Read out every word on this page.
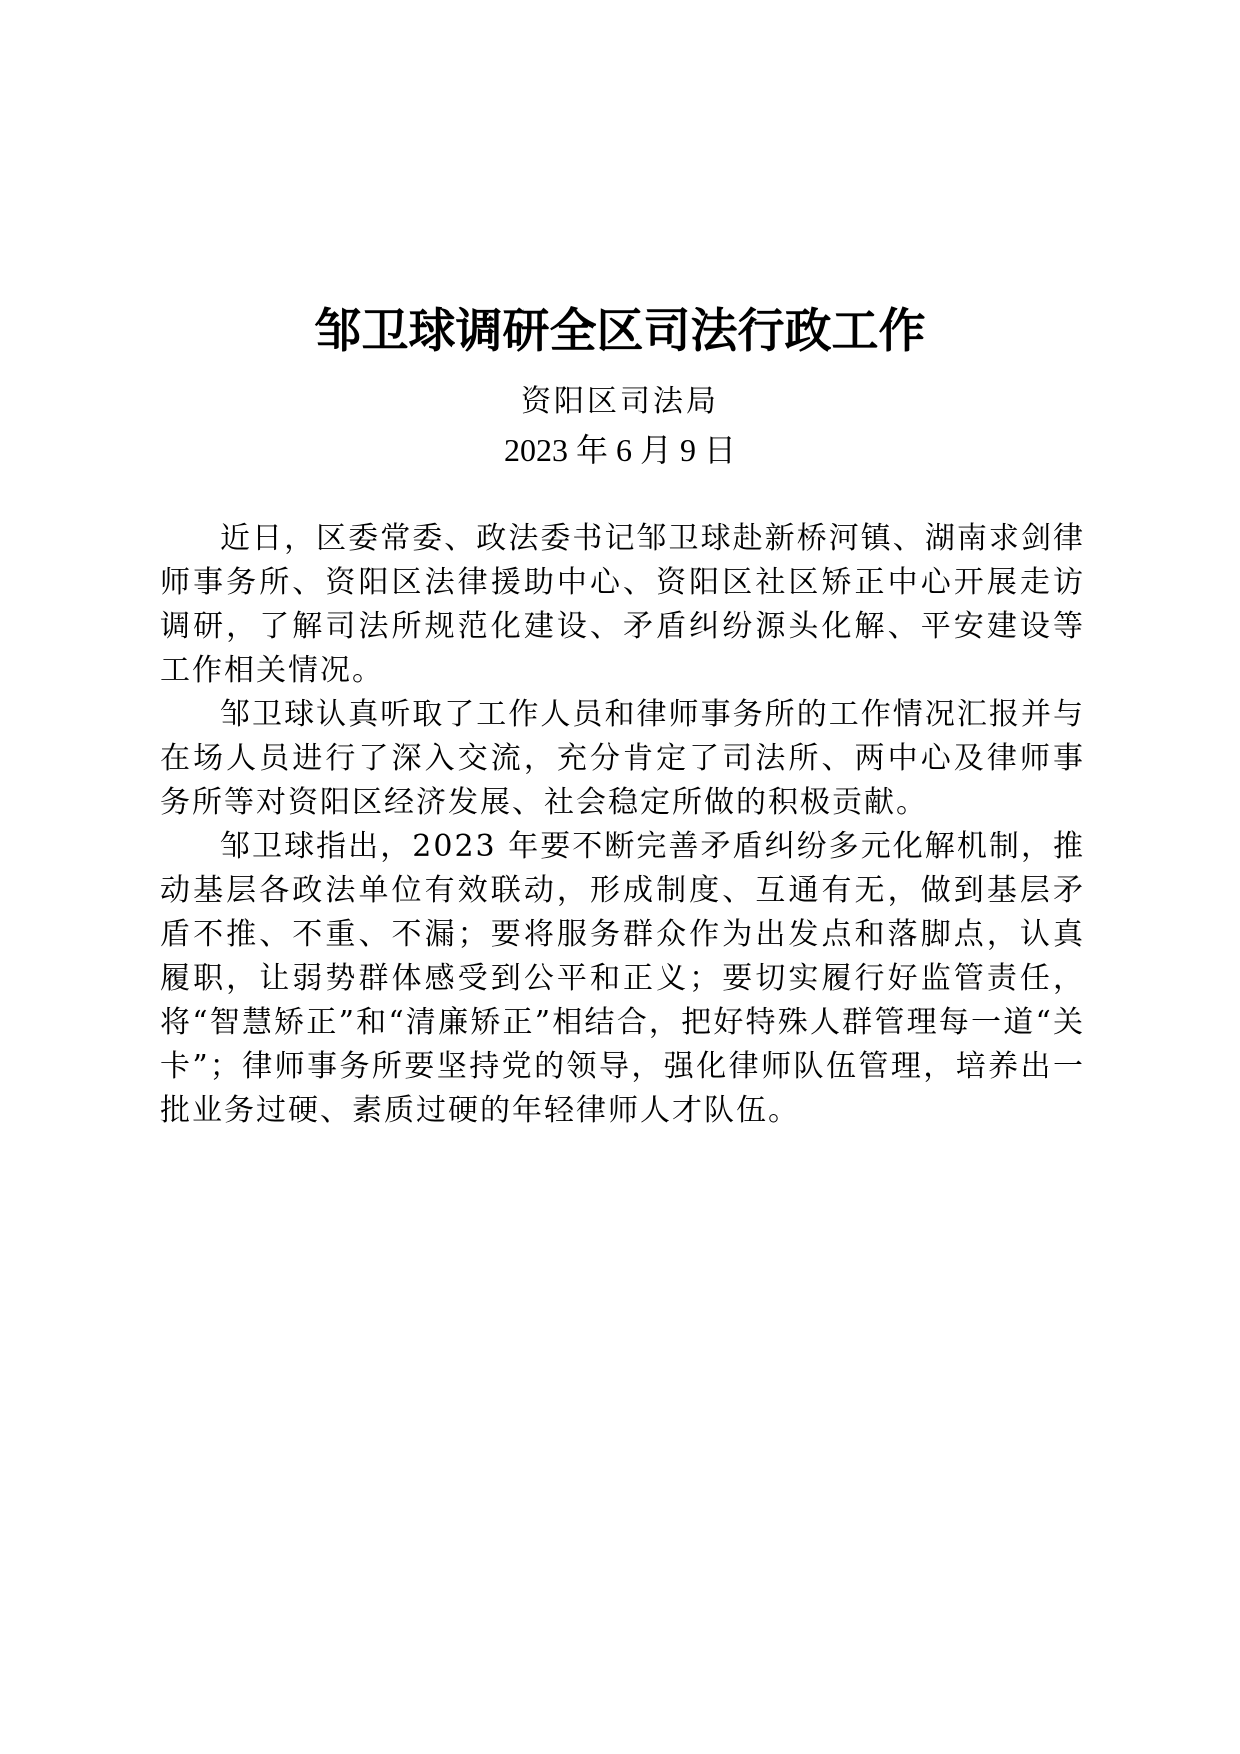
邹卫球调研全区司法行政工作
资阳区司法局
2023 年 6 月 9 日

近日，区委常委、政法委书记邹卫球赴新桥河镇、湖南求剑律师事务所、资阳区法律援助中心、资阳区社区矫正中心开展走访调研，了解司法所规范化建设、矛盾纠纷源头化解、平安建设等工作相关情况。

邹卫球认真听取了工作人员和律师事务所的工作情况汇报并与在场人员进行了深入交流，充分肯定了司法所、两中心及律师事务所等对资阳区经济发展、社会稳定所做的积极贡献。

邹卫球指出，2023 年要不断完善矛盾纠纷多元化解机制，推动基层各政法单位有效联动，形成制度、互通有无，做到基层矛盾不推、不重、不漏；要将服务群众作为出发点和落脚点，认真履职，让弱势群体感受到公平和正义；要切实履行好监管责任，将“智慧矫正”和“清廉矫正”相结合，把好特殊人群管理每一道“关卡”；律师事务所要坚持党的领导，强化律师队伍管理，培养出一批业务过硬、素质过硬的年轻律师人才队伍。
